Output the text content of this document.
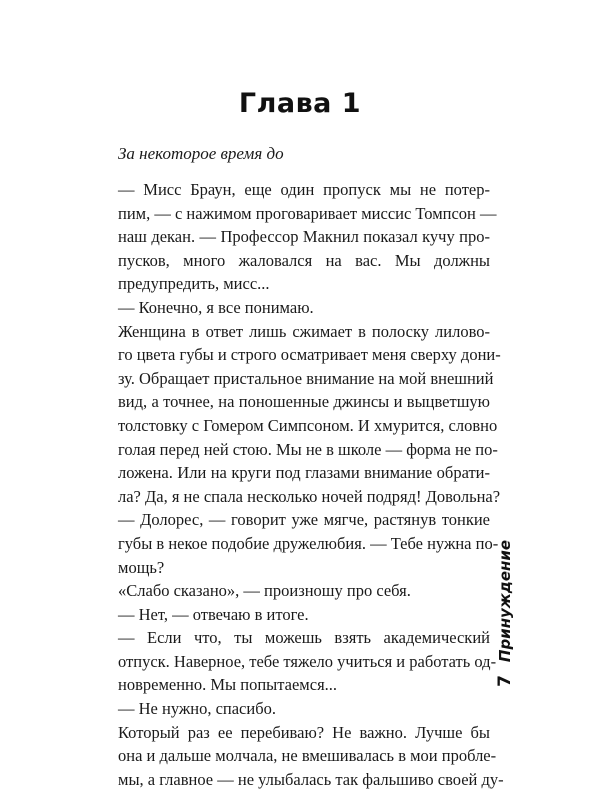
Глава 1
За некоторое время до
— Мисс Браун, еще один пропуск мы не потер-
пим, — с нажимом проговаривает миссис Томпсон —
наш декан. — Профессор Макнил показал кучу про-
пусков, много жаловался на вас. Мы должны
предупредить, мисс...
— Конечно, я все понимаю.
Женщина в ответ лишь сжимает в полоску лилово-
го цвета губы и строго осматривает меня сверху дони-
зу. Обращает пристальное внимание на мой внешний
вид, а точнее, на поношенные джинсы и выцветшую
толстовку с Гомером Симпсоном. И хмурится, словно
голая перед ней стою. Мы не в школе — форма не по-
ложена. Или на круги под глазами внимание обрати-
ла? Да, я не спала несколько ночей подряд! Довольна?
— Долорес, — говорит уже мягче, растянув тонкие
губы в некое подобие дружелюбия. — Тебе нужна по-
мощь?
«Слабо сказано», — произношу про себя.
— Нет, — отвечаю в итоге.
— Если что, ты можешь взять академический
отпуск. Наверное, тебе тяжело учиться и работать од-
новременно. Мы попытаемся...
— Не нужно, спасибо.
Который раз ее перебиваю? Не важно. Лучше бы
она и дальше молчала, не вмешивалась в мои пробле-
мы, а главное — не улыбалась так фальшиво своей ду-
Принуждение
7
